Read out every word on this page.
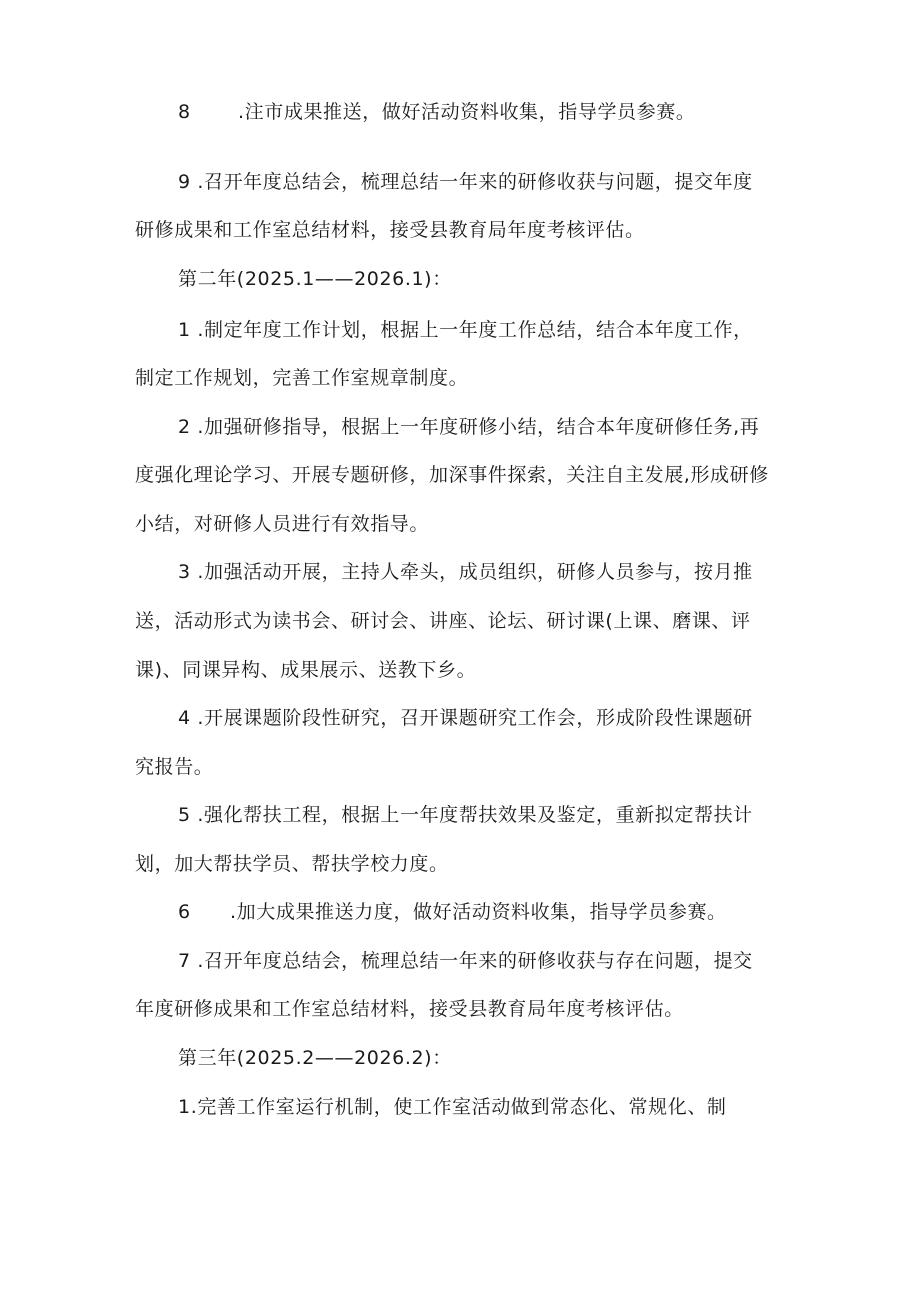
8 .注市成果推送，做好活动资料收集，指导学员参赛。
9 .召开年度总结会，梳理总结一年来的研修收获与问题，提交年度
研修成果和工作室总结材料，接受县教育局年度考核评估。
第二年(2025.1——2026.1)：
1 .制定年度工作计划，根据上一年度工作总结，结合本年度工作，
制定工作规划，完善工作室规章制度。
2 .加强研修指导，根据上一年度研修小结，结合本年度研修任务,再
度强化理论学习、开展专题研修，加深事件探索，关注自主发展,形成研修
小结，对研修人员进行有效指导。
3 .加强活动开展，主持人牵头，成员组织，研修人员参与，按月推
送，活动形式为读书会、研讨会、讲座、论坛、研讨课(上课、磨课、评
课)、同课异构、成果展示、送教下乡。
4 .开展课题阶段性研究，召开课题研究工作会，形成阶段性课题研
究报告。
5 .强化帮扶工程，根据上一年度帮扶效果及鉴定，重新拟定帮扶计
划，加大帮扶学员、帮扶学校力度。
6 .加大成果推送力度，做好活动资料收集，指导学员参赛。
7 .召开年度总结会，梳理总结一年来的研修收获与存在问题，提交
年度研修成果和工作室总结材料，接受县教育局年度考核评估。
第三年(2025.2——2026.2)：
1.完善工作室运行机制，使工作室活动做到常态化、常规化、制
